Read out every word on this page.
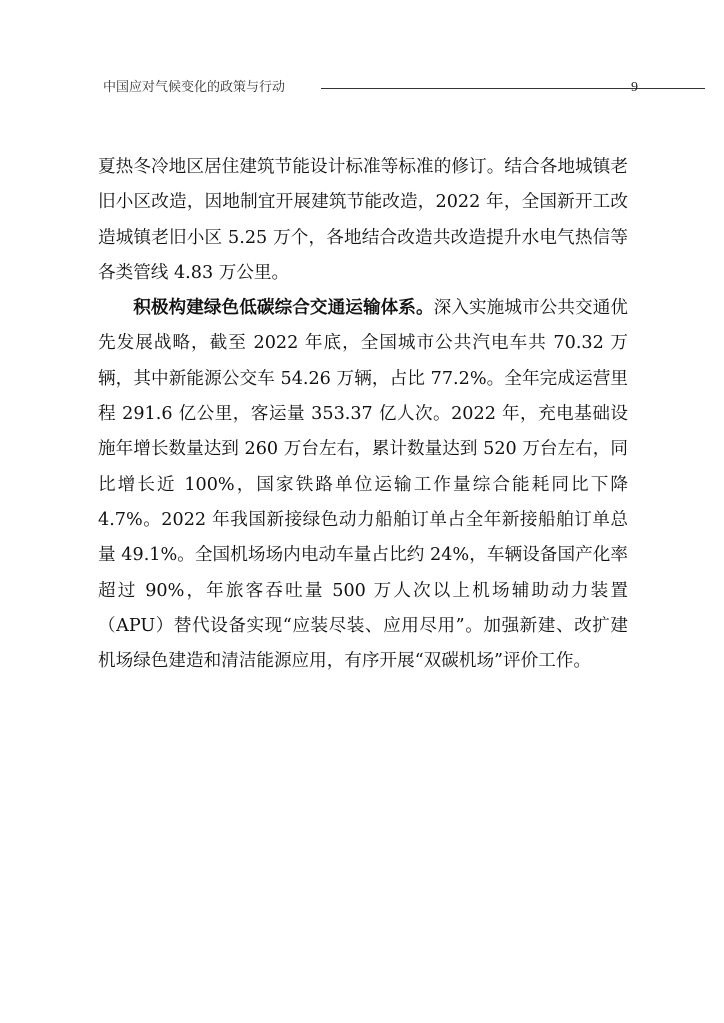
中国应对气候变化的政策与行动	9

夏热冬冷地区居住建筑节能设计标准等标准的修订。结合各地城镇老旧小区改造，因地制宜开展建筑节能改造，2022 年，全国新开工改造城镇老旧小区 5.25 万个，各地结合改造共改造提升水电气热信等各类管线 4.83 万公里。

积极构建绿色低碳综合交通运输体系。深入实施城市公共交通优先发展战略，截至 2022 年底，全国城市公共汽电车共 70.32 万辆，其中新能源公交车 54.26 万辆，占比 77.2%。全年完成运营里程 291.6 亿公里，客运量 353.37 亿人次。2022 年，充电基础设施年增长数量达到 260 万台左右，累计数量达到 520 万台左右，同比增长近 100%，国家铁路单位运输工作量综合能耗同比下降 4.7%。2022 年我国新接绿色动力船舶订单占全年新接船舶订单总量 49.1%。全国机场场内电动车量占比约 24%，车辆设备国产化率超过 90%，年旅客吞吐量 500 万人次以上机场辅助动力装置（APU）替代设备实现“应装尽装、应用尽用”。加强新建、改扩建机场绿色建造和清洁能源应用，有序开展“双碳机场”评价工作。
